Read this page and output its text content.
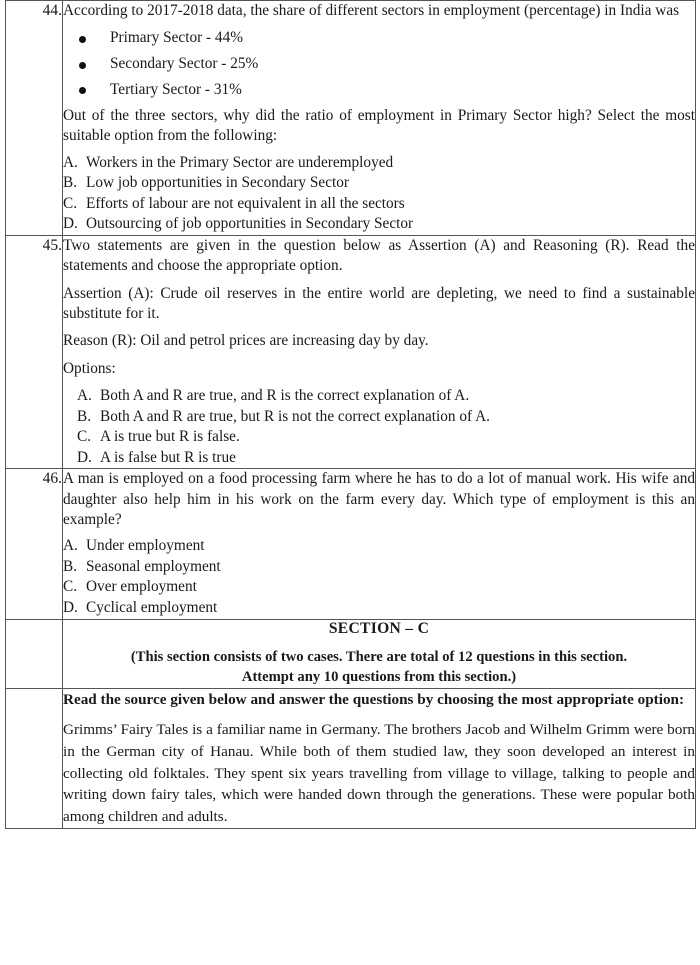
44.	According to 2017-2018 data, the share of different sectors in employment (percentage) in India was

Primary Sector - 44%
Secondary Sector - 25%
Tertiary Sector - 31%

Out of the three sectors, why did the ratio of employment in Primary Sector high? Select the most suitable option from the following:

A. Workers in the Primary Sector are underemployed
B. Low job opportunities in Secondary Sector
C. Efforts of labour are not equivalent in all the sectors
D. Outsourcing of job opportunities in Secondary Sector

45.	Two statements are given in the question below as Assertion (A) and Reasoning (R). Read the statements and choose the appropriate option.

Assertion (A): Crude oil reserves in the entire world are depleting, we need to find a sustainable substitute for it.

Reason (R): Oil and petrol prices are increasing day by day.

Options:

A. Both A and R are true, and R is the correct explanation of A.
B. Both A and R are true, but R is not the correct explanation of A.
C. A is true but R is false.
D. A is false but R is true

46.	A man is employed on a food processing farm where he has to do a lot of manual work. His wife and daughter also help him in his work on the farm every day. Which type of employment is this an example?

A. Under employment
B. Seasonal employment
C. Over employment
D. Cyclical employment

	SECTION – C

(This section consists of two cases. There are total of 12 questions in this section.

Attempt any 10 questions from this section.)

	Read the source given below and answer the questions by choosing the most appropriate option:

Grimms’ Fairy Tales is a familiar name in Germany. The brothers Jacob and Wilhelm Grimm were born in the German city of Hanau. While both of them studied law, they soon developed an interest in collecting old folktales. They spent six years travelling from village to village, talking to people and writing down fairy tales, which were handed down through the generations. These were popular both among children and adults.
